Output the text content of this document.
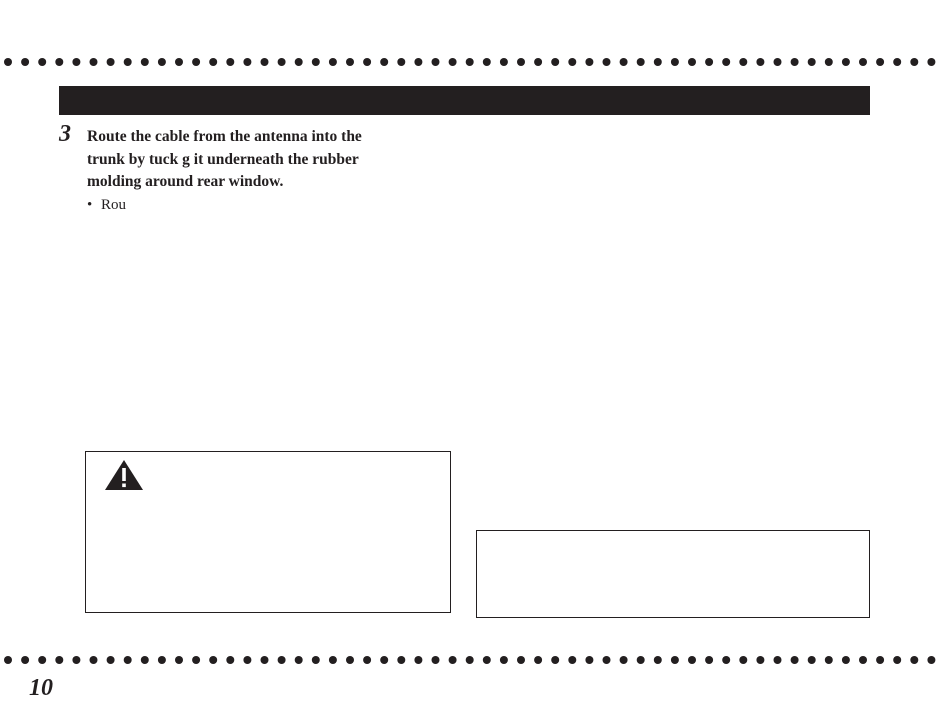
3 Route the cable from the antenna into the
trunk by tuck g it underneath the rubber
molding around rear window.
• Rou
10
